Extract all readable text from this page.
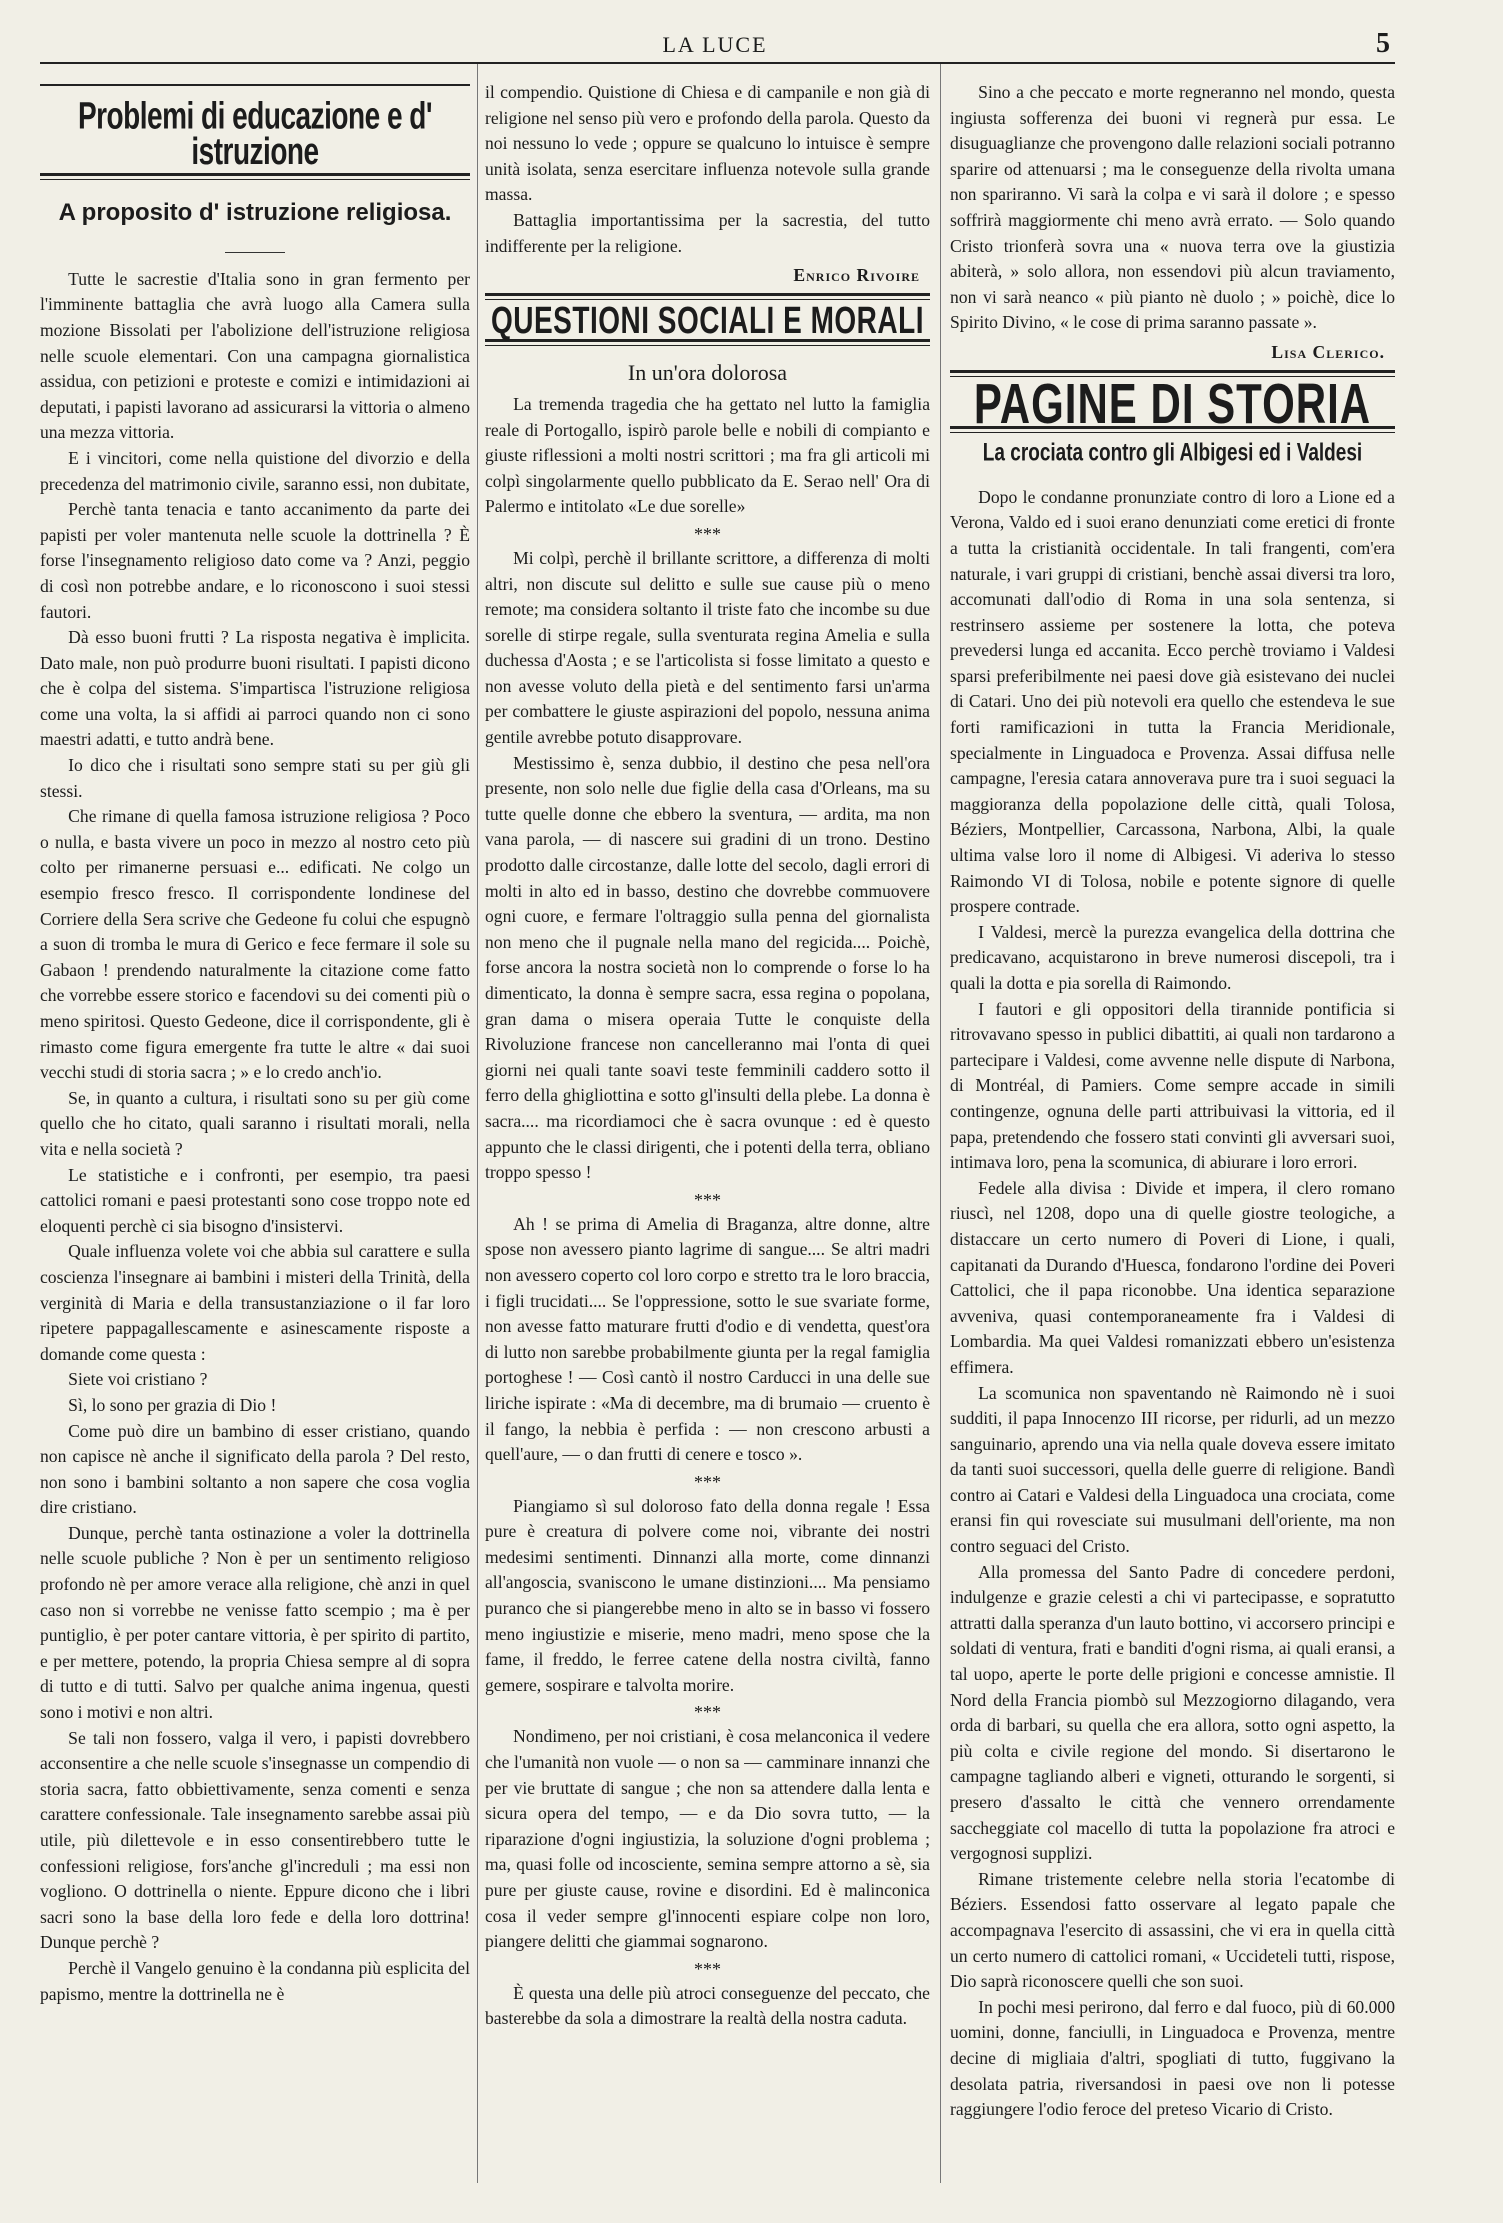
LA LUCE	5
Problemi di educazione e d' istruzione
A proposito d' istruzione religiosa.

Tutte le sacrestie d'Italia sono in gran fermento per l'imminente battaglia che avrà luogo alla Camera sulla mozione Bissolati per l'abolizione dell'istruzione religiosa nelle scuole elementari. Con una campagna giornalistica assidua, con petizioni e proteste e comizi e intimidazioni ai deputati, i papisti lavorano ad assicurarsi la vittoria o almeno una mezza vittoria.

E i vincitori, come nella quistione del divorzio e della precedenza del matrimonio civile, saranno essi, non dubitate,

Perchè tanta tenacia e tanto accanimento da parte dei papisti per voler mantenuta nelle scuole la dottrinella ? È forse l'insegnamento religioso dato come va ? Anzi, peggio di così non potrebbe andare, e lo riconoscono i suoi stessi fautori.

Dà esso buoni frutti ? La risposta negativa è implicita. Dato male, non può produrre buoni risultati. I papisti dicono che è colpa del sistema. S'impartisca l'istruzione religiosa come una volta, la si affidi ai parroci quando non ci sono maestri adatti, e tutto andrà bene.

Io dico che i risultati sono sempre stati su per giù gli stessi.

Che rimane di quella famosa istruzione religiosa ? Poco o nulla, e basta vivere un poco in mezzo al nostro ceto più colto per rimanerne persuasi e... edificati. Ne colgo un esempio fresco fresco. Il corrispondente londinese del Corriere della Sera scrive che Gedeone fu colui che espugnò a suon di tromba le mura di Gerico e fece fermare il sole su Gabaon ! prendendo naturalmente la citazione come fatto che vorrebbe essere storico e facendovi su dei comenti più o meno spiritosi. Questo Gedeone, dice il corrispondente, gli è rimasto come figura emergente fra tutte le altre « dai suoi vecchi studi di storia sacra ; » e lo credo anch'io.

Se, in quanto a cultura, i risultati sono su per giù come quello che ho citato, quali saranno i risultati morali, nella vita e nella società ?

Le statistiche e i confronti, per esempio, tra paesi cattolici romani e paesi protestanti sono cose troppo note ed eloquenti perchè ci sia bisogno d'insistervi.

Quale influenza volete voi che abbia sul carattere e sulla coscienza l'insegnare ai bambini i misteri della Trinità, della verginità di Maria e della transustanziazione o il far loro ripetere pappagallescamente e asinescamente risposte a domande come questa :

Siete voi cristiano ?

Sì, lo sono per grazia di Dio !

Come può dire un bambino di esser cristiano, quando non capisce nè anche il significato della parola ? Del resto, non sono i bambini soltanto a non sapere che cosa voglia dire cristiano.

Dunque, perchè tanta ostinazione a voler la dottrinella nelle scuole publiche ? Non è per un sentimento religioso profondo nè per amore verace alla religione, chè anzi in quel caso non si vorrebbe ne venisse fatto scempio ; ma è per puntiglio, è per poter cantare vittoria, è per spirito di partito, e per mettere, potendo, la propria Chiesa sempre al di sopra di tutto e di tutti. Salvo per qualche anima ingenua, questi sono i motivi e non altri.

Se tali non fossero, valga il vero, i papisti dovrebbero acconsentire a che nelle scuole s'insegnasse un compendio di storia sacra, fatto obbiettivamente, senza comenti e senza carattere confessionale. Tale insegnamento sarebbe assai più utile, più dilettevole e in esso consentirebbero tutte le confessioni religiose, fors'anche gl'increduli ; ma essi non vogliono. O dottrinella o niente. Eppure dicono che i libri sacri sono la base della loro fede e della loro dottrina! Dunque perchè ?

Perchè il Vangelo genuino è la condanna più esplicita del papismo, mentre la dottrinella ne è

il compendio. Quistione di Chiesa e di campanile e non già di religione nel senso più vero e profondo della parola. Questo da noi nessuno lo vede ; oppure se qualcuno lo intuisce è sempre unità isolata, senza esercitare influenza notevole sulla grande massa.

Battaglia importantissima per la sacrestia, del tutto indifferente per la religione.

Enrico Rivoire
QUESTIONI SOCIALI E MORALI
In un'ora dolorosa

La tremenda tragedia che ha gettato nel lutto la famiglia reale di Portogallo, ispirò parole belle e nobili di compianto e giuste riflessioni a molti nostri scrittori ; ma fra gli articoli mi colpì singolarmente quello pubblicato da E. Serao nell' Ora di Palermo e intitolato «Le due sorelle»

***

Mi colpì, perchè il brillante scrittore, a differenza di molti altri, non discute sul delitto e sulle sue cause più o meno remote; ma considera soltanto il triste fato che incombe su due sorelle di stirpe regale, sulla sventurata regina Amelia e sulla duchessa d'Aosta ; e se l'articolista si fosse limitato a questo e non avesse voluto della pietà e del sentimento farsi un'arma per combattere le giuste aspirazioni del popolo, nessuna anima gentile avrebbe potuto disapprovare.

Mestissimo è, senza dubbio, il destino che pesa nell'ora presente, non solo nelle due figlie della casa d'Orleans, ma su tutte quelle donne che ebbero la sventura, — ardita, ma non vana parola, — di nascere sui gradini di un trono. Destino prodotto dalle circostanze, dalle lotte del secolo, dagli errori di molti in alto ed in basso, destino che dovrebbe commuovere ogni cuore, e fermare l'oltraggio sulla penna del giornalista non meno che il pugnale nella mano del regicida.... Poichè, forse ancora la nostra società non lo comprende o forse lo ha dimenticato, la donna è sempre sacra, essa regina o popolana, gran dama o misera operaia Tutte le conquiste della Rivoluzione francese non cancelleranno mai l'onta di quei giorni nei quali tante soavi teste femminili caddero sotto il ferro della ghigliottina e sotto gl'insulti della plebe. La donna è sacra.... ma ricordiamoci che è sacra ovunque : ed è questo appunto che le classi dirigenti, che i potenti della terra, obliano troppo spesso !

***

Ah ! se prima di Amelia di Braganza, altre donne, altre spose non avessero pianto lagrime di sangue.... Se altri madri non avessero coperto col loro corpo e stretto tra le loro braccia, i figli trucidati.... Se l'oppressione, sotto le sue svariate forme, non avesse fatto maturare frutti d'odio e di vendetta, quest'ora di lutto non sarebbe probabilmente giunta per la regal famiglia portoghese ! — Così cantò il nostro Carducci in una delle sue liriche ispirate : «Ma di decembre, ma di brumaio — cruento è il fango, la nebbia è perfida : — non crescono arbusti a quell'aure, — o dan frutti di cenere e tosco ».

***

Piangiamo sì sul doloroso fato della donna regale ! Essa pure è creatura di polvere come noi, vibrante dei nostri medesimi sentimenti. Dinnanzi alla morte, come dinnanzi all'angoscia, svaniscono le umane distinzioni.... Ma pensiamo puranco che si piangerebbe meno in alto se in basso vi fossero meno ingiustizie e miserie, meno madri, meno spose che la fame, il freddo, le ferree catene della nostra civiltà, fanno gemere, sospirare e talvolta morire.

***

Nondimeno, per noi cristiani, è cosa melanconica il vedere che l'umanità non vuole — o non sa — camminare innanzi che per vie bruttate di sangue ; che non sa attendere dalla lenta e sicura opera del tempo, — e da Dio sovra tutto, — la riparazione d'ogni ingiustizia, la soluzione d'ogni problema ; ma, quasi folle od incosciente, semina sempre attorno a sè, sia pure per giuste cause, rovine e disordini. Ed è malinconica cosa il veder sempre gl'innocenti espiare colpe non loro, piangere delitti che giammai sognarono.

***

È questa una delle più atroci conseguenze del peccato, che basterebbe da sola a dimostrare la realtà della nostra caduta.

Sino a che peccato e morte regneranno nel mondo, questa ingiusta sofferenza dei buoni vi regnerà pur essa. Le disuguaglianze che provengono dalle relazioni sociali potranno sparire od attenuarsi ; ma le conseguenze della rivolta umana non spariranno. Vi sarà la colpa e vi sarà il dolore ; e spesso soffrirà maggiormente chi meno avrà errato. — Solo quando Cristo trionferà sovra una « nuova terra ove la giustizia abiterà, » solo allora, non essendovi più alcun traviamento, non vi sarà neanco « più pianto nè duolo ; » poichè, dice lo Spirito Divino, « le cose di prima saranno passate ».

Lisa Clerico.
PAGINE DI STORIA
La crociata contro gli Albigesi ed i Valdesi

Dopo le condanne pronunziate contro di loro a Lione ed a Verona, Valdo ed i suoi erano denunziati come eretici di fronte a tutta la cristianità occidentale. In tali frangenti, com'era naturale, i vari gruppi di cristiani, benchè assai diversi tra loro, accomunati dall'odio di Roma in una sola sentenza, si restrinsero assieme per sostenere la lotta, che poteva prevedersi lunga ed accanita. Ecco perchè troviamo i Valdesi sparsi preferibilmente nei paesi dove già esistevano dei nuclei di Catari. Uno dei più notevoli era quello che estendeva le sue forti ramificazioni in tutta la Francia Meridionale, specialmente in Linguadoca e Provenza. Assai diffusa nelle campagne, l'eresia catara annoverava pure tra i suoi seguaci la maggioranza della popolazione delle città, quali Tolosa, Béziers, Montpellier, Carcassona, Narbona, Albi, la quale ultima valse loro il nome di Albigesi. Vi aderiva lo stesso Raimondo VI di Tolosa, nobile e potente signore di quelle prospere contrade.

I Valdesi, mercè la purezza evangelica della dottrina che predicavano, acquistarono in breve numerosi discepoli, tra i quali la dotta e pia sorella di Raimondo.

I fautori e gli oppositori della tirannide pontificia si ritrovavano spesso in publici dibattiti, ai quali non tardarono a partecipare i Valdesi, come avvenne nelle dispute di Narbona, di Montréal, di Pamiers. Come sempre accade in simili contingenze, ognuna delle parti attribuivasi la vittoria, ed il papa, pretendendo che fossero stati convinti gli avversari suoi, intimava loro, pena la scomunica, di abiurare i loro errori.

Fedele alla divisa : Divide et impera, il clero romano riuscì, nel 1208, dopo una di quelle giostre teologiche, a distaccare un certo numero di Poveri di Lione, i quali, capitanati da Durando d'Huesca, fondarono l'ordine dei Poveri Cattolici, che il papa riconobbe. Una identica separazione avveniva, quasi contemporaneamente fra i Valdesi di Lombardia. Ma quei Valdesi romanizzati ebbero un'esistenza effimera.

La scomunica non spaventando nè Raimondo nè i suoi sudditi, il papa Innocenzo III ricorse, per ridurli, ad un mezzo sanguinario, aprendo una via nella quale doveva essere imitato da tanti suoi successori, quella delle guerre di religione. Bandì contro ai Catari e Valdesi della Linguadoca una crociata, come eransi fin qui rovesciate sui musulmani dell'oriente, ma non contro seguaci del Cristo.

Alla promessa del Santo Padre di concedere perdoni, indulgenze e grazie celesti a chi vi partecipasse, e sopratutto attratti dalla speranza d'un lauto bottino, vi accorsero principi e soldati di ventura, frati e banditi d'ogni risma, ai quali eransi, a tal uopo, aperte le porte delle prigioni e concesse amnistie. Il Nord della Francia piombò sul Mezzogiorno dilagando, vera orda di barbari, su quella che era allora, sotto ogni aspetto, la più colta e civile regione del mondo. Si disertarono le campagne tagliando alberi e vigneti, otturando le sorgenti, si presero d'assalto le città che vennero orrendamente saccheggiate col macello di tutta la popolazione fra atroci e vergognosi supplizi.

Rimane tristemente celebre nella storia l'ecatombe di Béziers. Essendosi fatto osservare al legato papale che accompagnava l'esercito di assassini, che vi era in quella città un certo numero di cattolici romani, « Uccideteli tutti, rispose, Dio saprà riconoscere quelli che son suoi.

In pochi mesi perirono, dal ferro e dal fuoco, più di 60.000 uomini, donne, fanciulli, in Linguadoca e Provenza, mentre decine di migliaia d'altri, spogliati di tutto, fuggivano la desolata patria, riversandosi in paesi ove non li potesse raggiungere l'odio feroce del preteso Vicario di Cristo.
